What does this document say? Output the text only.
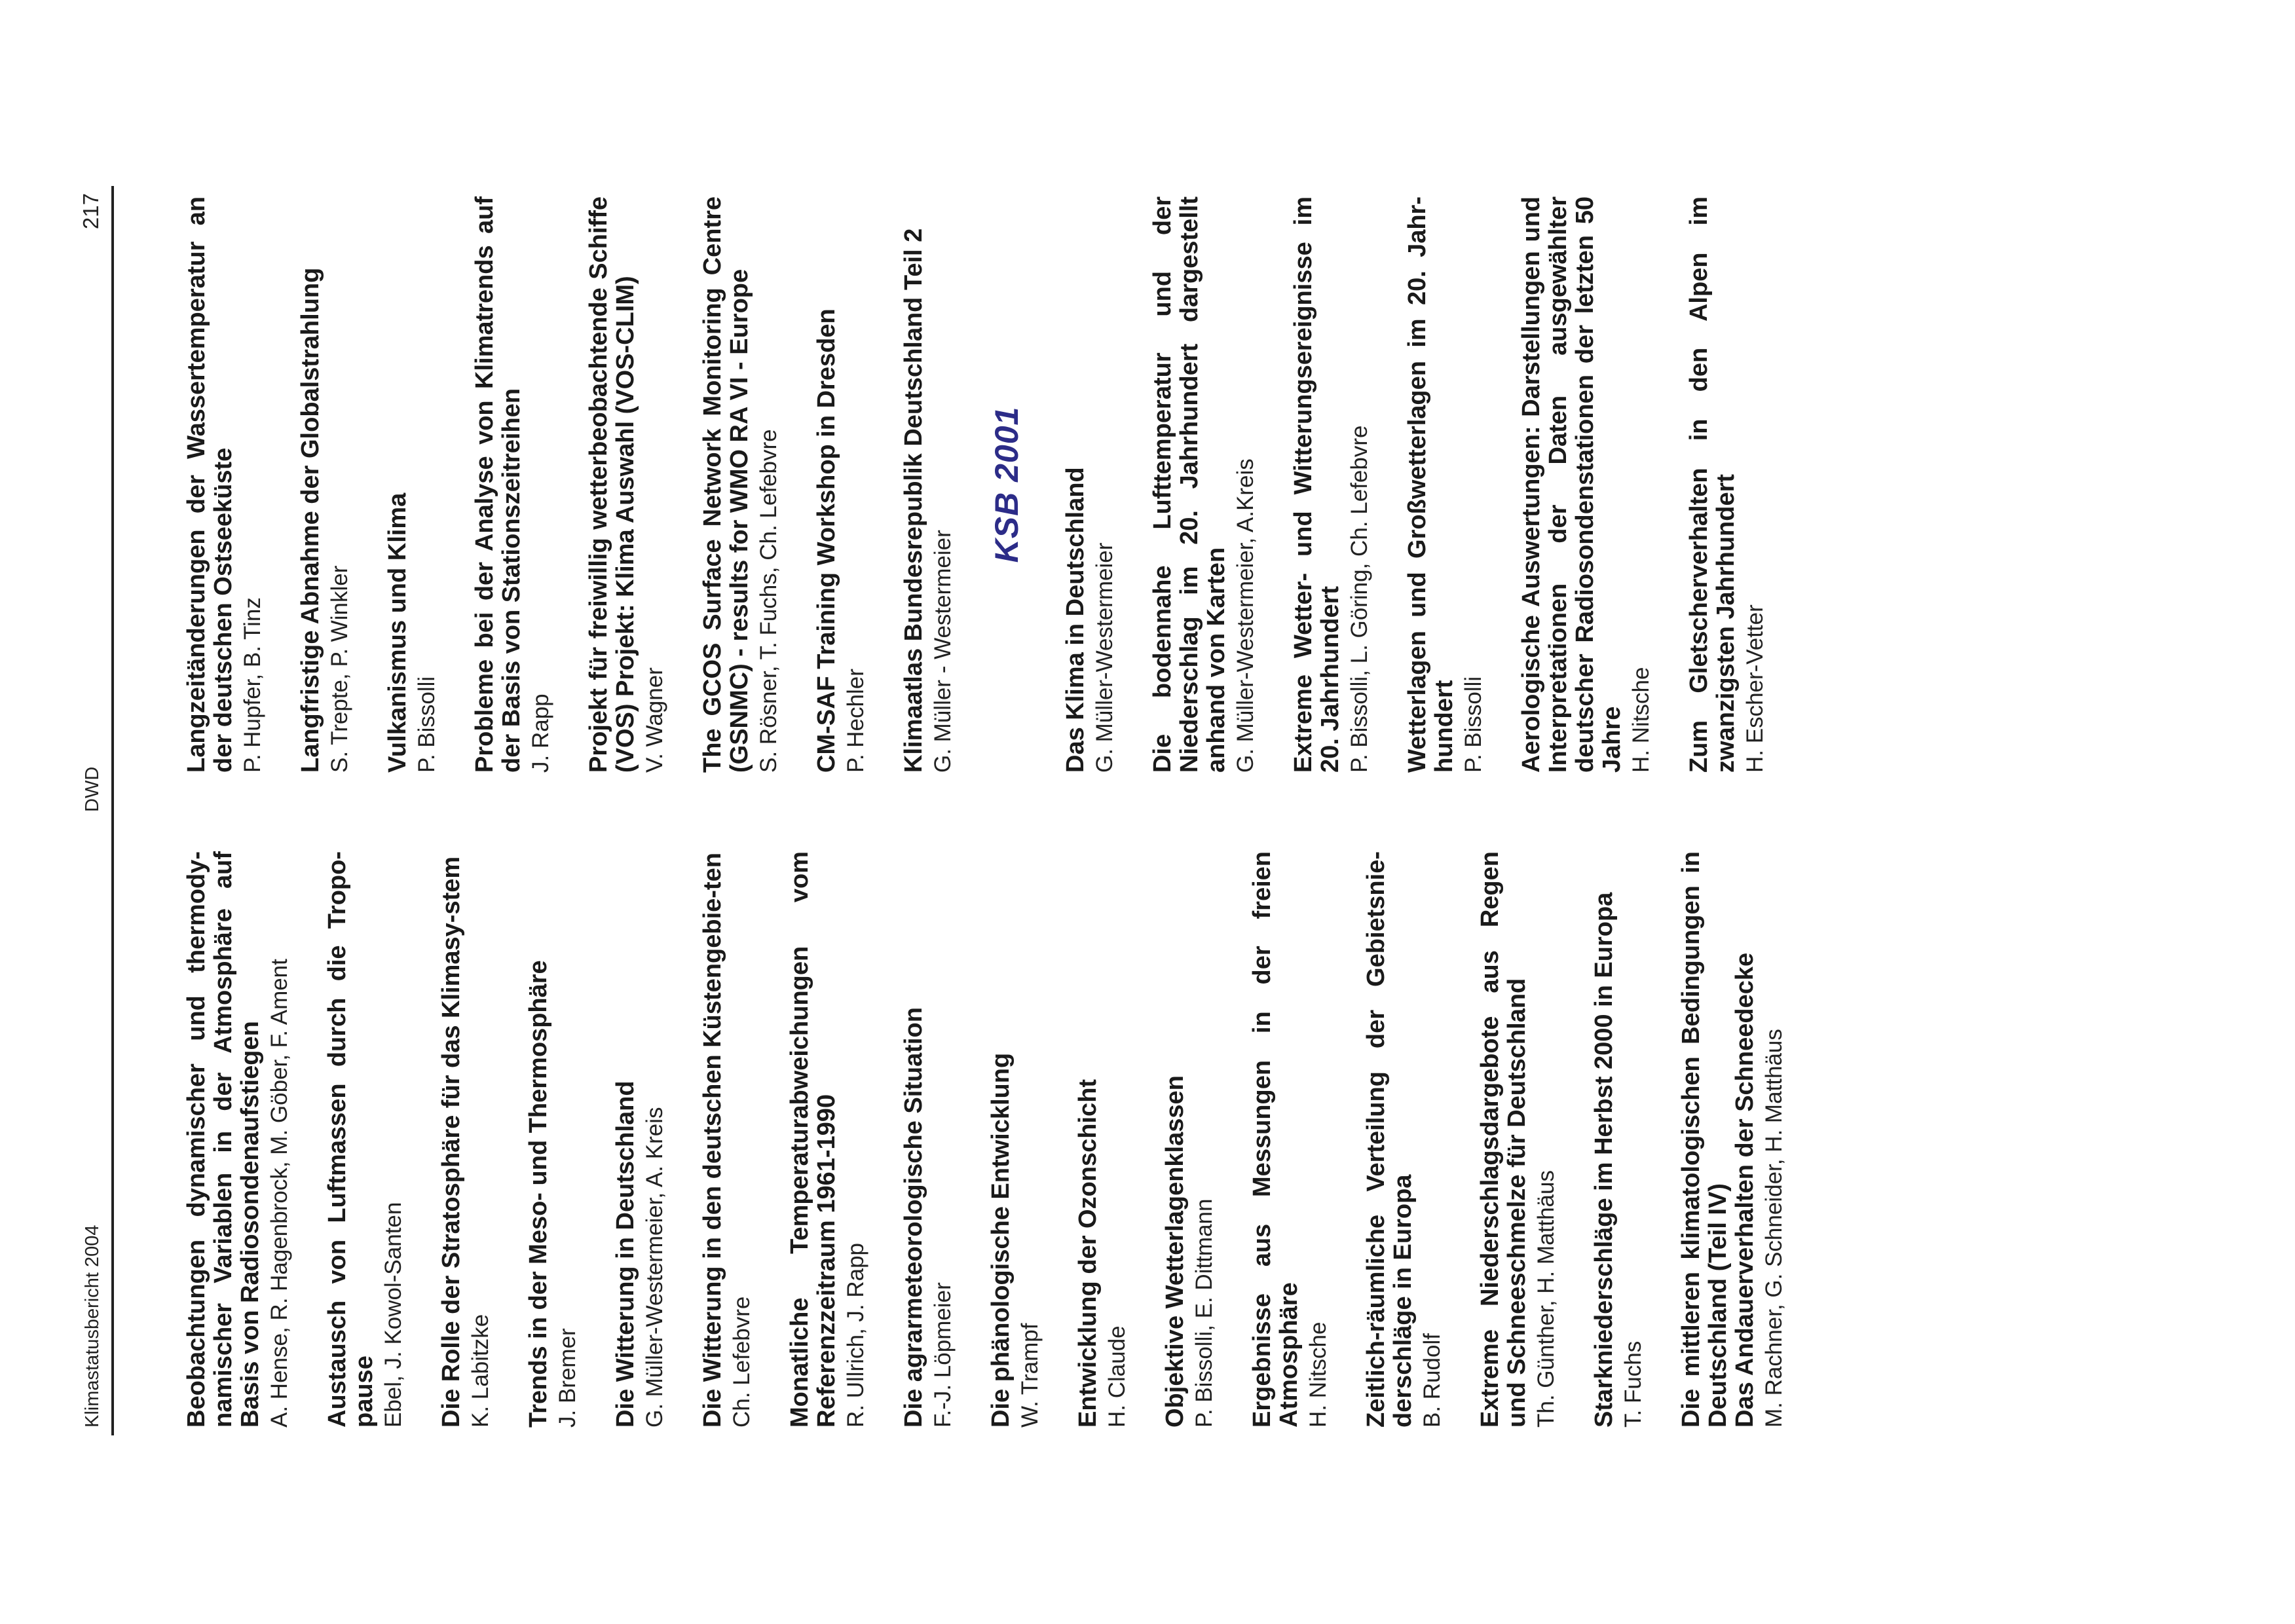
Klimastatusbericht 2004
DWD
217

Beobachtungen dynamischer und thermody-namischer Variablen in der Atmosphäre auf Basis von Radiosondenaufstiegen A. Hense, R. Hagenbrock, M. Göber, F. Ament Austausch von Luftmassen durch die Tropo-pause Ebel, J. Kowol-Santen Die Rolle der Stratosphäre für das Klimasy-stem K. Labitzke Trends in der Meso- und Thermosphäre J. Bremer Die Witterung in Deutschland G. Müller-Westermeier, A. Kreis Die Witterung in den deutschen Küstengebie-ten Ch. Lefebvre Monatliche Temperaturabweichungen vom Referenzzeitraum 1961-1990 R. Ullrich, J. Rapp Die agrarmeteorologische Situation F.-J. Löpmeier Die phänologische Entwicklung W. Trampf Entwicklung der Ozonschicht H. Claude Objektive Wetterlagenklassen P. Bissolli, E. Dittmann Ergebnisse aus Messungen in der freien Atmosphäre H. Nitsche Zeitlich-räumliche Verteilung der Gebietsnie-derschläge in Europa B. Rudolf Extreme Niederschlagsdargebote aus Regen und Schneeschmelze für Deutschland Th. Günther, H. Matthäus Starkniederschläge im Herbst 2000 in Europa T. Fuchs Die mittleren klimatologischen Bedingungen in Deutschland (Teil IV)
Das Andauerverhalten der Schneedecke M. Rachner, G. Schneider, H. Matthäus

Langzeitänderungen der Wassertemperatur an der deutschen Ostseeküste P. Hupfer, B. Tinz Langfristige Abnahme der Globalstrahlung S. Trepte, P. Winkler Vulkanismus und Klima P. Bissolli Probleme bei der Analyse von Klimatrends auf der Basis von Stationszeitreihen J. Rapp Projekt für freiwillig wetterbeobachtende Schiffe (VOS) Projekt: Klima Auswahl (VOS-CLIM) V. Wagner The GCOS Surface Network Monitoring Centre (GSNMC) - results for WMO RA VI - Europe S. Rösner, T. Fuchs, Ch. Lefebvre CM-SAF Training Workshop in Dresden P. Hechler Klimaatlas Bundesrepublik Deutschland Teil 2 G. Müller - Westermeier

KSB 2001 Das Klima in Deutschland G. Müller-Westermeier Die bodennahe Lufttemperatur und der Niederschlag im 20. Jahrhundert dargestellt anhand von Karten G. Müller-Westermeier, A.Kreis Extreme Wetter- und Witterungsereignisse im 20. Jahrhundert P. Bissolli, L. Göring, Ch. Lefebvre Wetterlagen und Großwetterlagen im 20. Jahr-hundert P. Bissolli Aerologische Auswertungen: Darstellungen und Interpretationen der Daten ausgewählter deutscher Radiosondenstationen der letzten 50 Jahre H. Nitsche Zum Gletscherverhalten in den Alpen im zwanzigsten Jahrhundert H. Escher-Vetter
